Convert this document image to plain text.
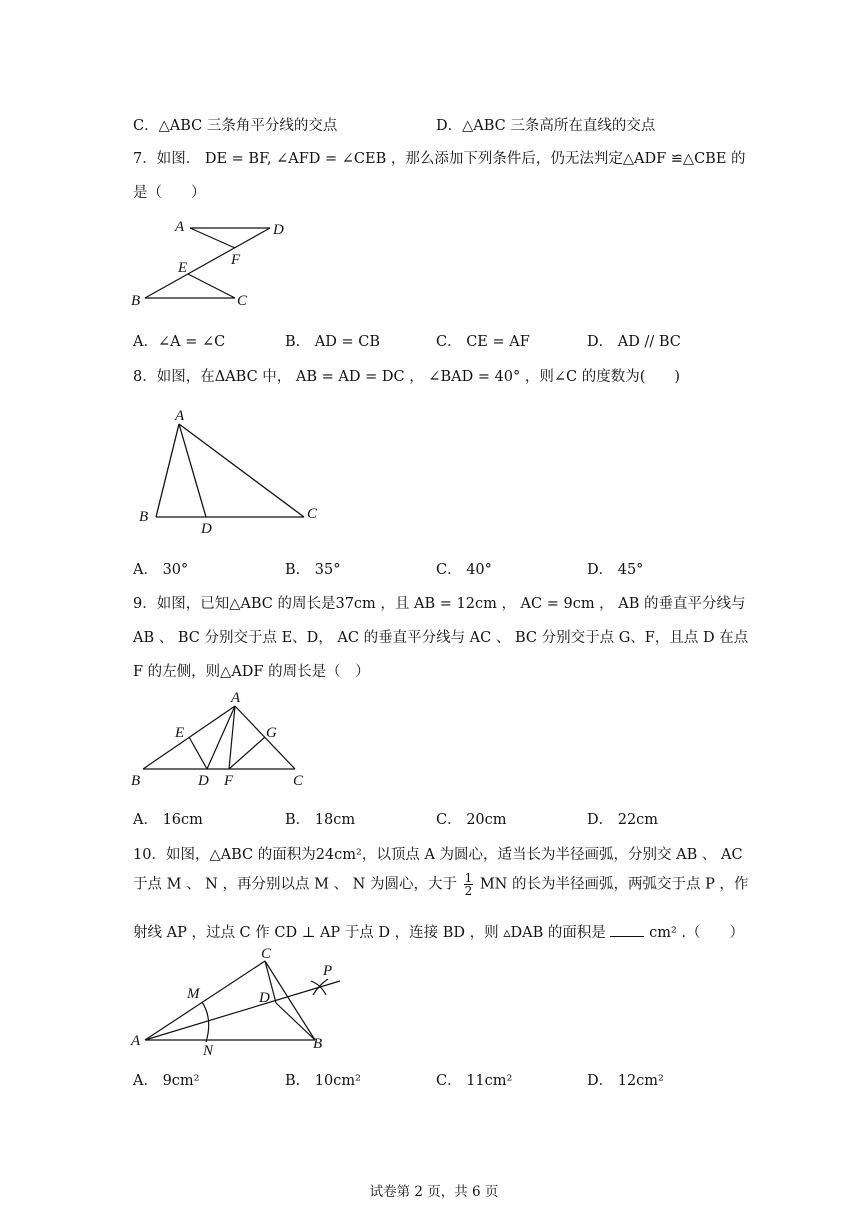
C．△ABC 三条角平分线的交点	D．△ABC 三条高所在直线的交点
7．如图． DE = BF, ∠AFD = ∠CEB ，那么添加下列条件后，仍无法判定△ADF ≌△CBE 的
是（　　）
A	D
F
E
B	C
A．∠A = ∠C	B． AD = CB	C． CE = AF	D． AD // BC
8．如图，在ΔABC 中， AB = AD = DC ， ∠BAD = 40° ，则∠C 的度数为(　　)
A
B
D
C
A． 30°	B． 35°	C． 40°	D． 45°
9．如图，已知△ABC 的周长是37cm ，且 AB = 12cm ， AC = 9cm ， AB 的垂直平分线与
AB 、 BC 分别交于点 E、D， AC 的垂直平分线与 AC 、 BC 分别交于点 G、F，且点 D 在点
F 的左侧，则△ADF 的周长是（　）
A
E	G
B	D F	C
A． 16cm	B． 18cm	C． 20cm	D． 22cm
10．如图，△ABC 的面积为24cm²，以顶点 A 为圆心，适当长为半径画弧，分别交 AB 、 AC
于点 M 、 N ，再分别以点 M 、 N 为圆心，大于 $\frac{1}{2}$ MN 的长为半径画弧，两弧交于点 P ，作
射线 AP ，过点 C 作 CD ⊥ AP 于点 D ，连接 BD ，则 ▵DAB 的面积是	cm² .（　　）
C
P
M	D
A
N	B
A． 9cm²	B． 10cm²	C． 11cm²	D． 12cm²
试卷第 2 页，共 6 页
